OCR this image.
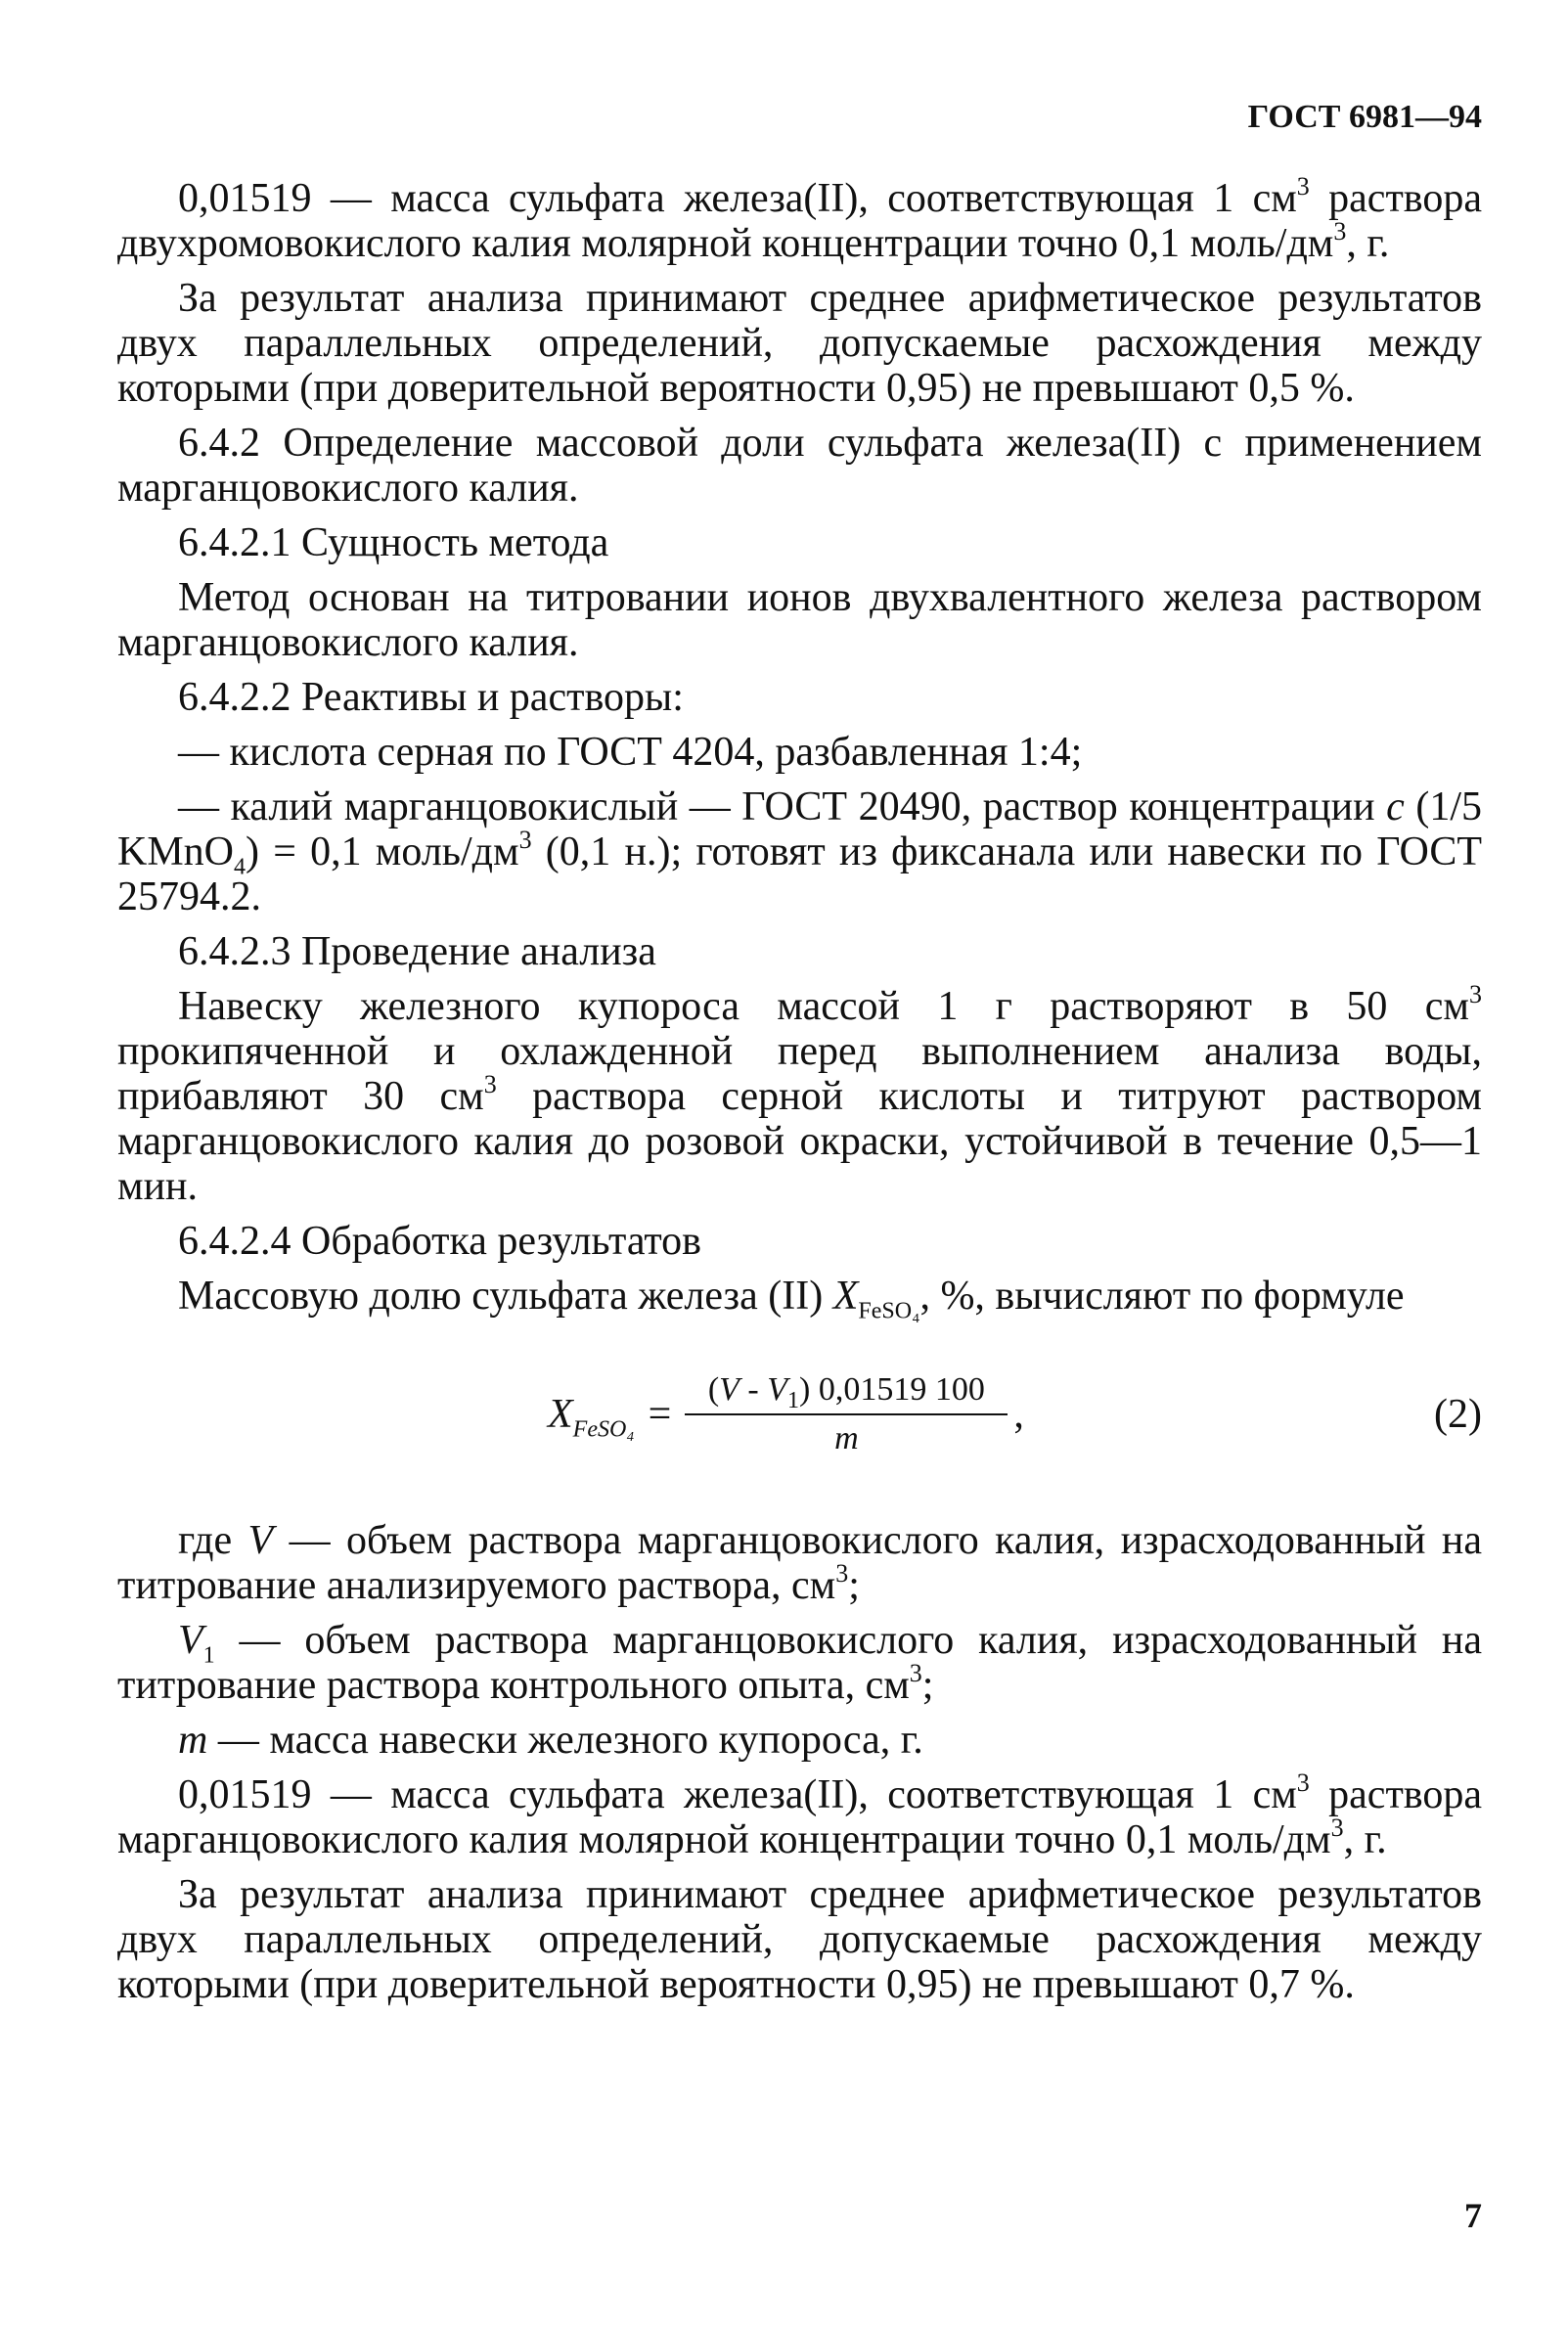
ГОСТ 6981—94

0,01519 — масса сульфата железа(II), соответствующая 1 $см^3$ раствора двухромовокислого калия молярной концентрации точно 0,1 моль/$дм^3$, г.

За результат анализа принимают среднее арифметическое результатов двух параллельных определений, допускаемые расхождения между которыми (при доверительной вероятности 0,95) не превышают 0,5 %.

6.4.2 Определение массовой доли сульфата железа(II) с применением марганцовокислого калия.

6.4.2.1 Сущность метода

Метод основан на титровании ионов двухвалентного железа раствором марганцовокислого калия.

6.4.2.2 Реактивы и растворы:

— кислота серная по ГОСТ 4204, разбавленная 1:4;

— калий марганцовокислый — ГОСТ 20490, раствор концентрации c (1/5 KMnO$_4$) = 0,1 моль/$дм^3$ (0,1 н.); готовят из фиксанала или навески по ГОСТ 25794.2.

6.4.2.3 Проведение анализа

Навеску железного купороса массой 1 г растворяют в 50 $см^3$ прокипяченной и охлажденной перед выполнением анализа воды, прибавляют 30 $см^3$ раствора серной кислоты и титруют раствором марганцовокислого калия до розовой окраски, устойчивой в течение 0,5—1 мин.

6.4.2.4 Обработка результатов

Массовую долю сульфата железа (II) $X_{FeSO_4}$, %, вычисляют по формуле

$X_{FeSO_4} = \frac{(V - V_1) 0,01519 100}{m}$ ,	(2)

где V — объем раствора марганцовокислого калия, израсходованный на титрование анализируемого раствора, $см^3$;

$V_1$ — объем раствора марганцовокислого калия, израсходованный на титрование раствора контрольного опыта, $см^3$;

m — масса навески железного купороса, г.

0,01519 — масса сульфата железа(II), соответствующая 1 $см^3$ раствора марганцовокислого калия молярной концентрации точно 0,1 моль/$дм^3$, г.

За результат анализа принимают среднее арифметическое результатов двух параллельных определений, допускаемые расхождения между которыми (при доверительной вероятности 0,95) не превышают 0,7 %.

7
